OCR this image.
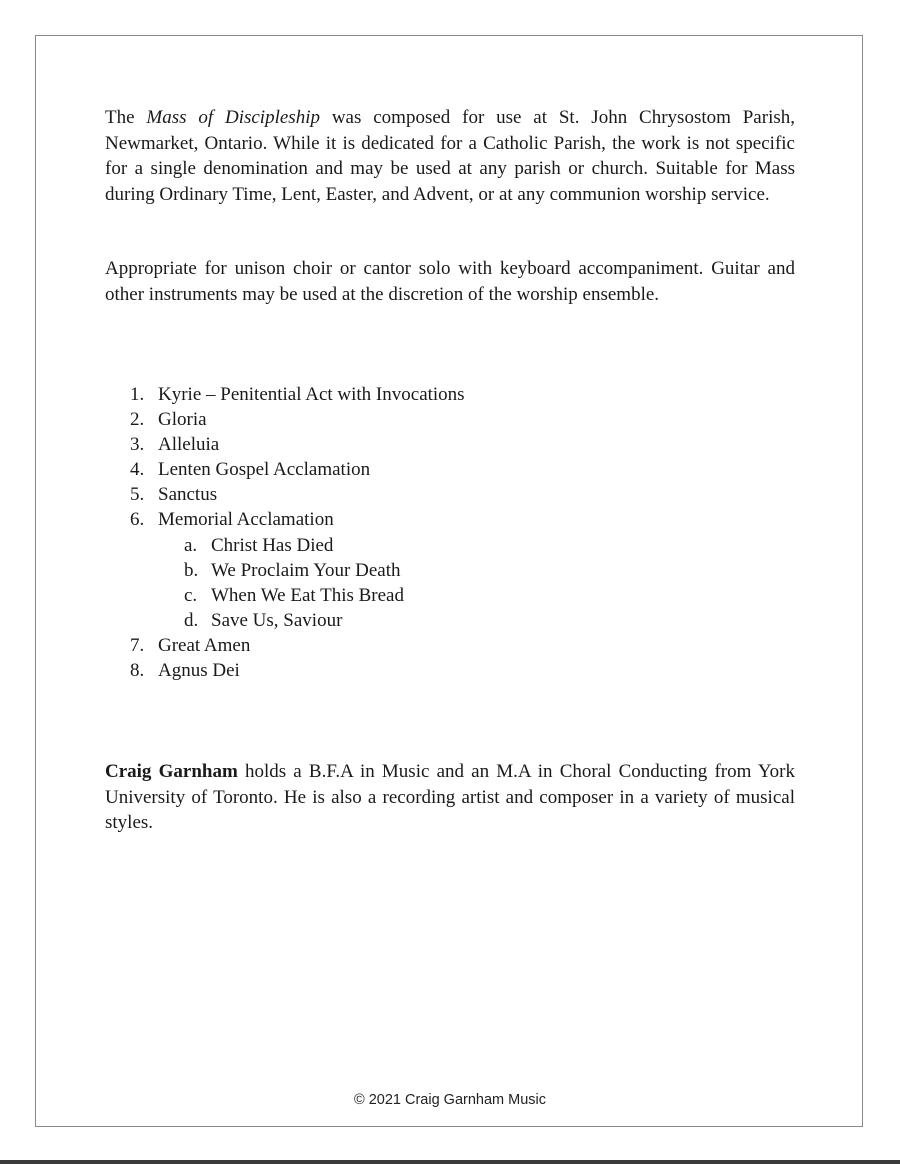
The Mass of Discipleship was composed for use at St. John Chrysostom Parish, Newmarket, Ontario. While it is dedicated for a Catholic Parish, the work is not specific for a single denomination and may be used at any parish or church. Suitable for Mass during Ordinary Time, Lent, Easter, and Advent, or at any communion worship service.

Appropriate for unison choir or cantor solo with keyboard accompaniment. Guitar and other instruments may be used at the discretion of the worship ensemble.

1. Kyrie – Penitential Act with Invocations
2. Gloria
3. Alleluia
4. Lenten Gospel Acclamation
5. Sanctus
6. Memorial Acclamation
a. Christ Has Died
b. We Proclaim Your Death
c. When We Eat This Bread
d. Save Us, Saviour
7. Great Amen
8. Agnus Dei

Craig Garnham holds a B.F.A in Music and an M.A in Choral Conducting from York University of Toronto. He is also a recording artist and composer in a variety of musical styles.

© 2021 Craig Garnham Music
